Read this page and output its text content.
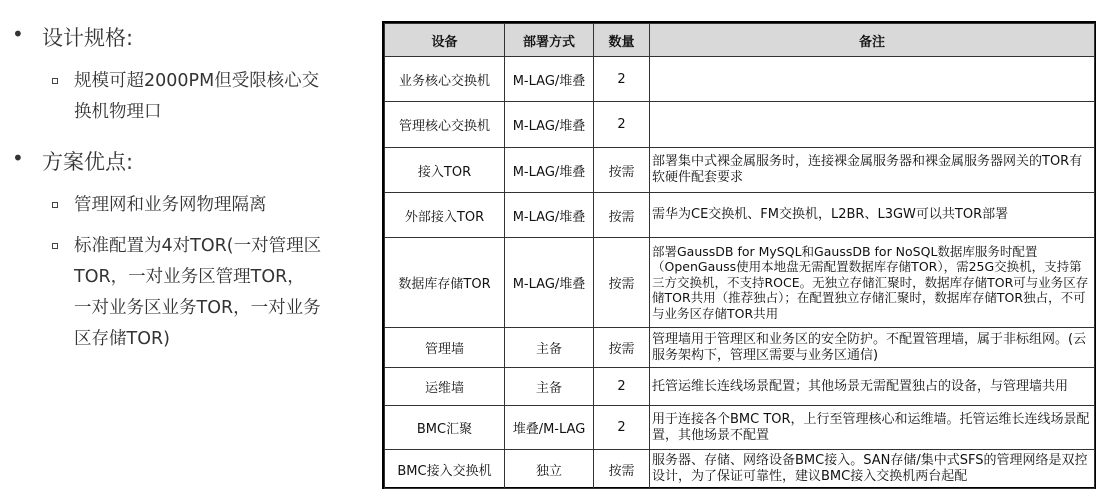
• 设计规格:
规模可超2000PM但受限核心交换机物理口
• 方案优点:
管理网和业务网物理隔离
标准配置为4对TOR(一对管理区TOR，一对业务区管理TOR，一对业务区业务TOR，一对业务区存储TOR)
设备	部署方式	数量	备注
业务核心交换机	M-LAG/堆叠	2	
管理核心交换机	M-LAG/堆叠	2	
接入TOR	M-LAG/堆叠	按需	部署集中式裸金属服务时，连接裸金属服务器和裸金属服务器网关的TOR有软硬件配套要求
外部接入TOR	M-LAG/堆叠	按需	需华为CE交换机、FM交换机，L2BR、L3GW可以共TOR部署
数据库存储TOR	M-LAG/堆叠	按需	部署GaussDB for MySQL和GaussDB for NoSQL数据库服务时配置（OpenGauss使用本地盘无需配置数据库存储TOR），需25G交换机，支持第三方交换机，不支持ROCE。无独立存储汇聚时，数据库存储TOR可与业务区存储TOR共用（推荐独占）；在配置独立存储汇聚时，数据库存储TOR独占，不可与业务区存储TOR共用
管理墙	主备	按需	管理墙用于管理区和业务区的安全防护。不配置管理墙，属于非标组网。(云服务架构下，管理区需要与业务区通信)
运维墙	主备	2	托管运维长连线场景配置；其他场景无需配置独占的设备，与管理墙共用
BMC汇聚	堆叠/M-LAG	2	用于连接各个BMC TOR，上行至管理核心和运维墙。托管运维长连线场景配置，其他场景不配置
BMC接入交换机	独立	按需	服务器、存储、网络设备BMC接入。SAN存储/集中式SFS的管理网络是双控设计，为了保证可靠性，建议BMC接入交换机两台起配
